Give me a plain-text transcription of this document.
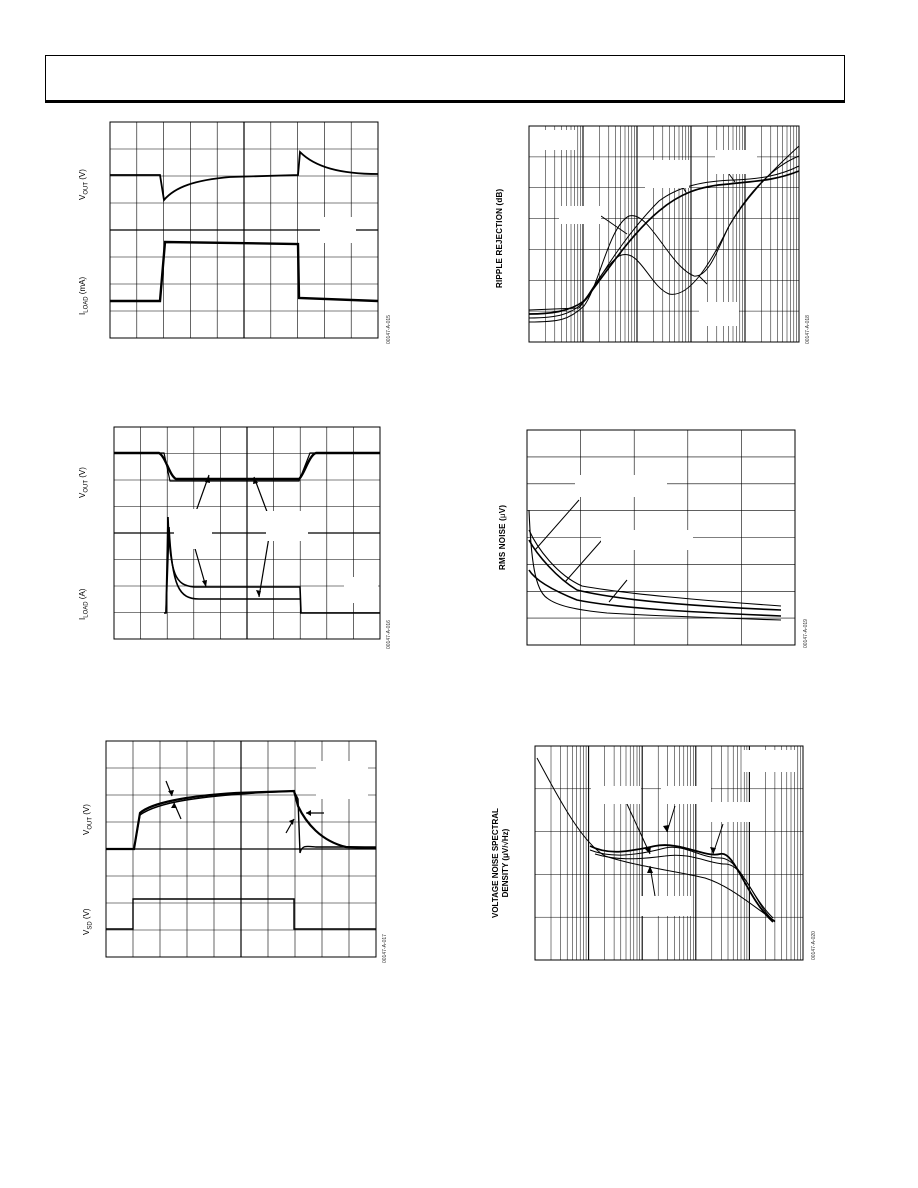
00147-A-015
$V_{OUT}$ (V)
$I_{LOAD}$ (mA)
00147-A-016
$V_{OUT}$ (V)
$I_{LOAD}$ (A)
00147-A-017
$V_{OUT}$ (V)
$V_{SD}$ (V)
00147-A-018
RIPPLE REJECTION (dB)
00147-A-019
RMS NOISE (μV)
00147-A-020
VOLTAGE NOISE SPECTRAL DENSITY (μV/√Hz)
